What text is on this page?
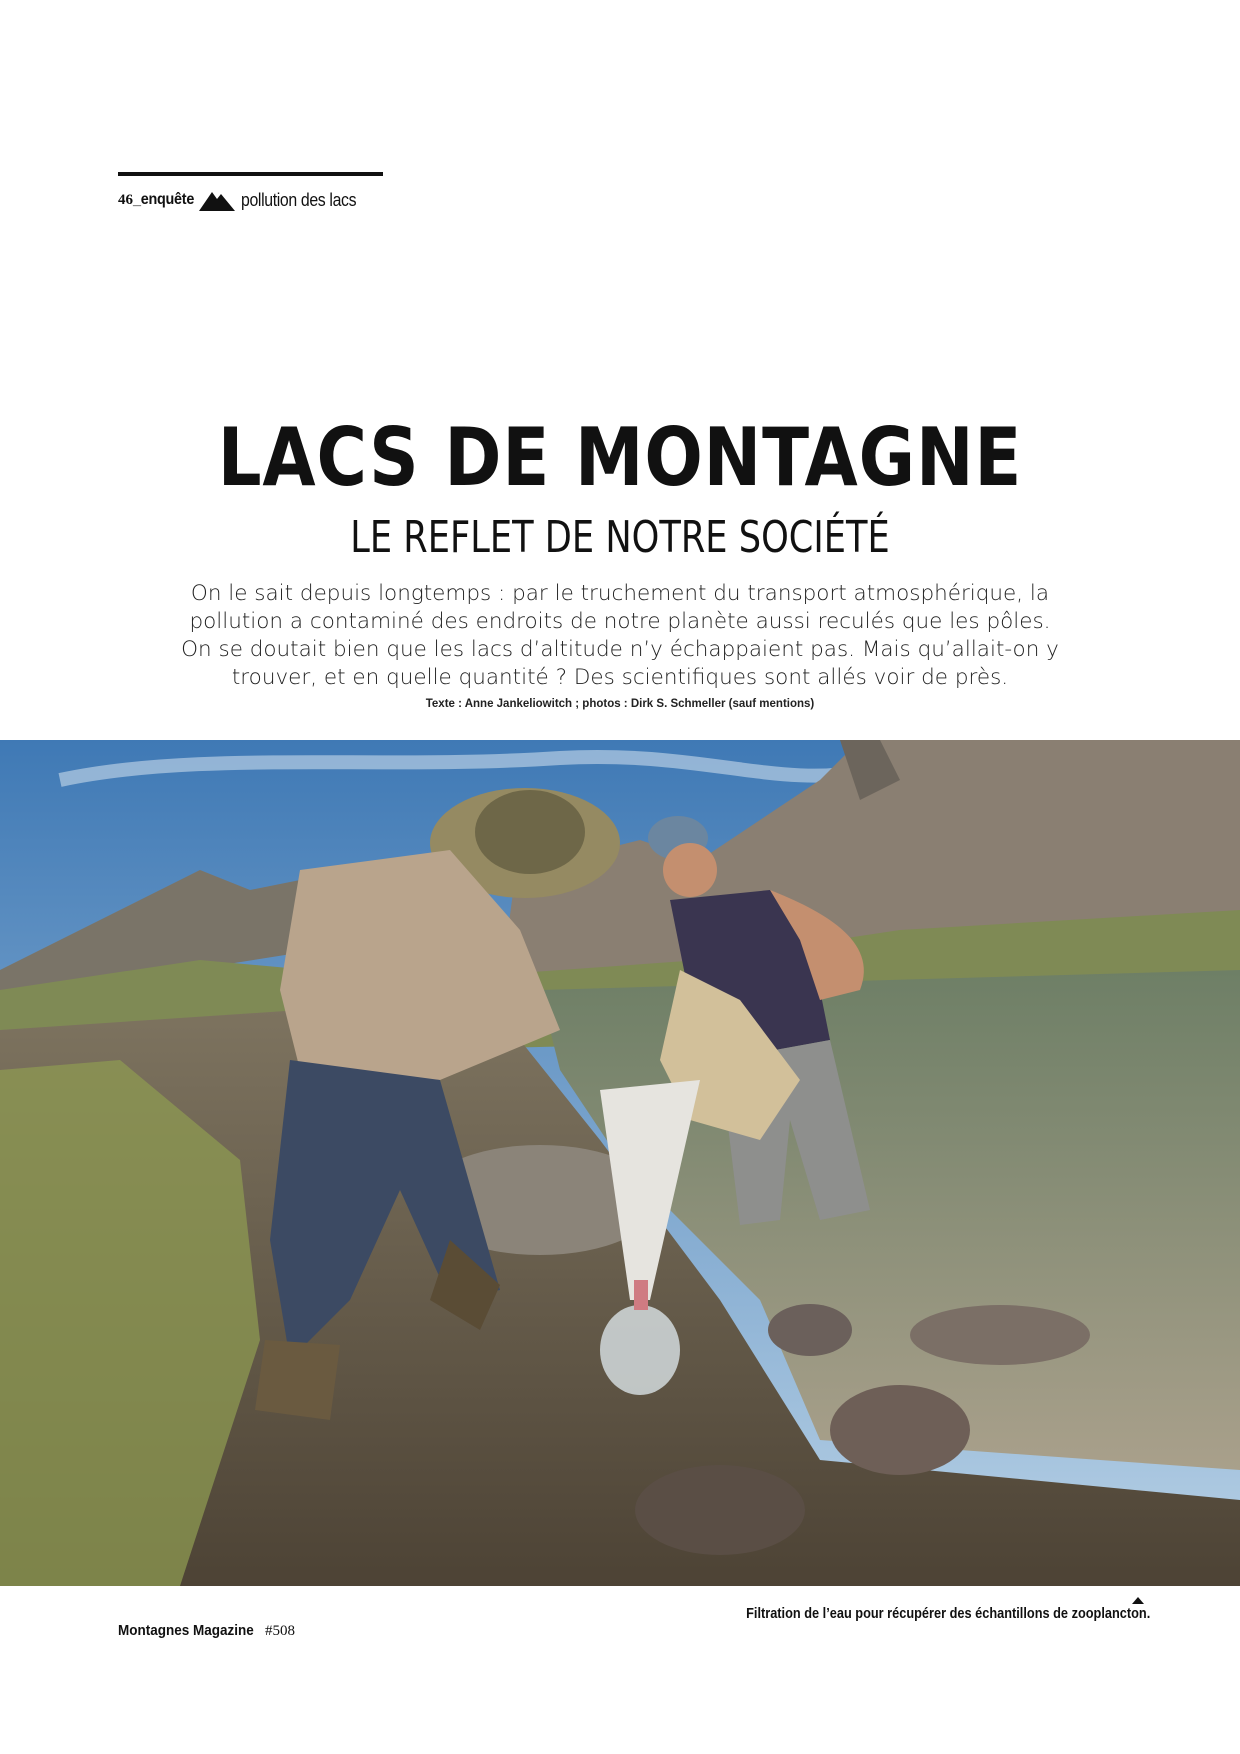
46 _enquête	pollution des lacs
LACS DE MONTAGNE
LE REFLET DE NOTRE SOCIÉTÉ

On le sait depuis longtemps : par le truchement du transport atmosphérique, la
pollution a contaminé des endroits de notre planète aussi reculés que les pôles.
On se doutait bien que les lacs d’altitude n’y échappaient pas. Mais qu’allait-on y
trouver, et en quelle quantité ? Des scientifiques sont allés voir de près.

Texte : Anne Jankeliowitch ; photos : Dirk S. Schmeller (sauf mentions)
Filtration de l’eau pour récupérer des échantillons de zooplancton.
Montagnes Magazine #508
